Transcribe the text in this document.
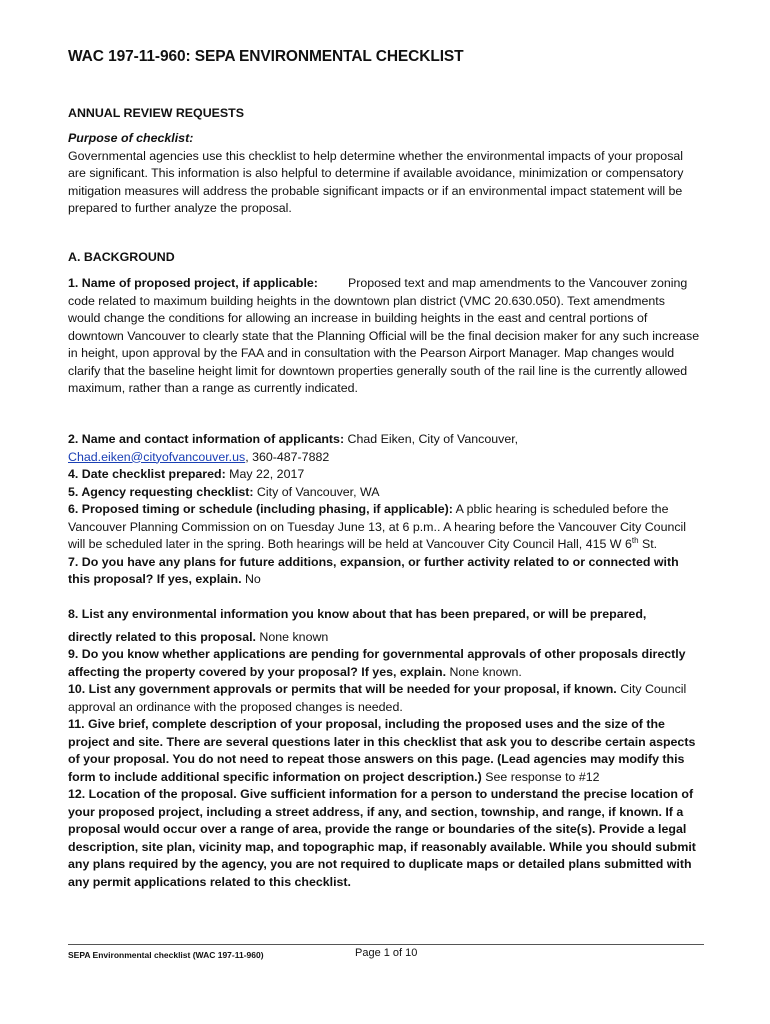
WAC 197-11-960: SEPA ENVIRONMENTAL CHECKLIST
ANNUAL REVIEW REQUESTS

Purpose of checklist:

Governmental agencies use this checklist to help determine whether the environmental impacts of your proposal are significant. This information is also helpful to determine if available avoidance, minimization or compensatory mitigation measures will address the probable significant impacts or if an environmental impact statement will be prepared to further analyze the proposal.

A. BACKGROUND

1. Name of proposed project, if applicable: Proposed text and map amendments to the Vancouver zoning code related to maximum building heights in the downtown plan district (VMC 20.630.050). Text amendments would change the conditions for allowing an increase in building heights in the east and central portions of downtown Vancouver to clearly state that the Planning Official will be the final decision maker for any such increase in height, upon approval by the FAA and in consultation with the Pearson Airport Manager. Map changes would clarify that the baseline height limit for downtown properties generally south of the rail line is the currently allowed maximum, rather than a range as currently indicated.

2. Name and contact information of applicants: Chad Eiken, City of Vancouver,
Chad.eiken@cityofvancouver.us, 360-487-7882

4. Date checklist prepared: May 22, 2017

5. Agency requesting checklist: City of Vancouver, WA

6. Proposed timing or schedule (including phasing, if applicable): A pblic hearing is scheduled before the Vancouver Planning Commission on on Tuesday June 13, at 6 p.m.. A hearing before the Vancouver City Council will be scheduled later in the spring. Both hearings will be held at Vancouver City Council Hall, 415 W 6th St.

7. Do you have any plans for future additions, expansion, or further activity related to or connected with this proposal? If yes, explain. No

8. List any environmental information you know about that has been prepared, or will be prepared,

directly related to this proposal. None known

9. Do you know whether applications are pending for governmental approvals of other proposals directly affecting the property covered by your proposal? If yes, explain. None known.

10. List any government approvals or permits that will be needed for your proposal, if known. City Council approval an ordinance with the proposed changes is needed.

11. Give brief, complete description of your proposal, including the proposed uses and the size of the project and site. There are several questions later in this checklist that ask you to describe certain aspects of your proposal. You do not need to repeat those answers on this page. (Lead agencies may modify this form to include additional specific information on project description.) See response to #12

12. Location of the proposal. Give sufficient information for a person to understand the precise location of your proposed project, including a street address, if any, and section, township, and range, if known. If a proposal would occur over a range of area, provide the range or boundaries of the site(s). Provide a legal description, site plan, vicinity map, and topographic map, if reasonably available. While you should submit any plans required by the agency, you are not required to duplicate maps or detailed plans submitted with any permit applications related to this checklist.

SEPA Environmental checklist (WAC 197-11-960)	Page 1 of 10
